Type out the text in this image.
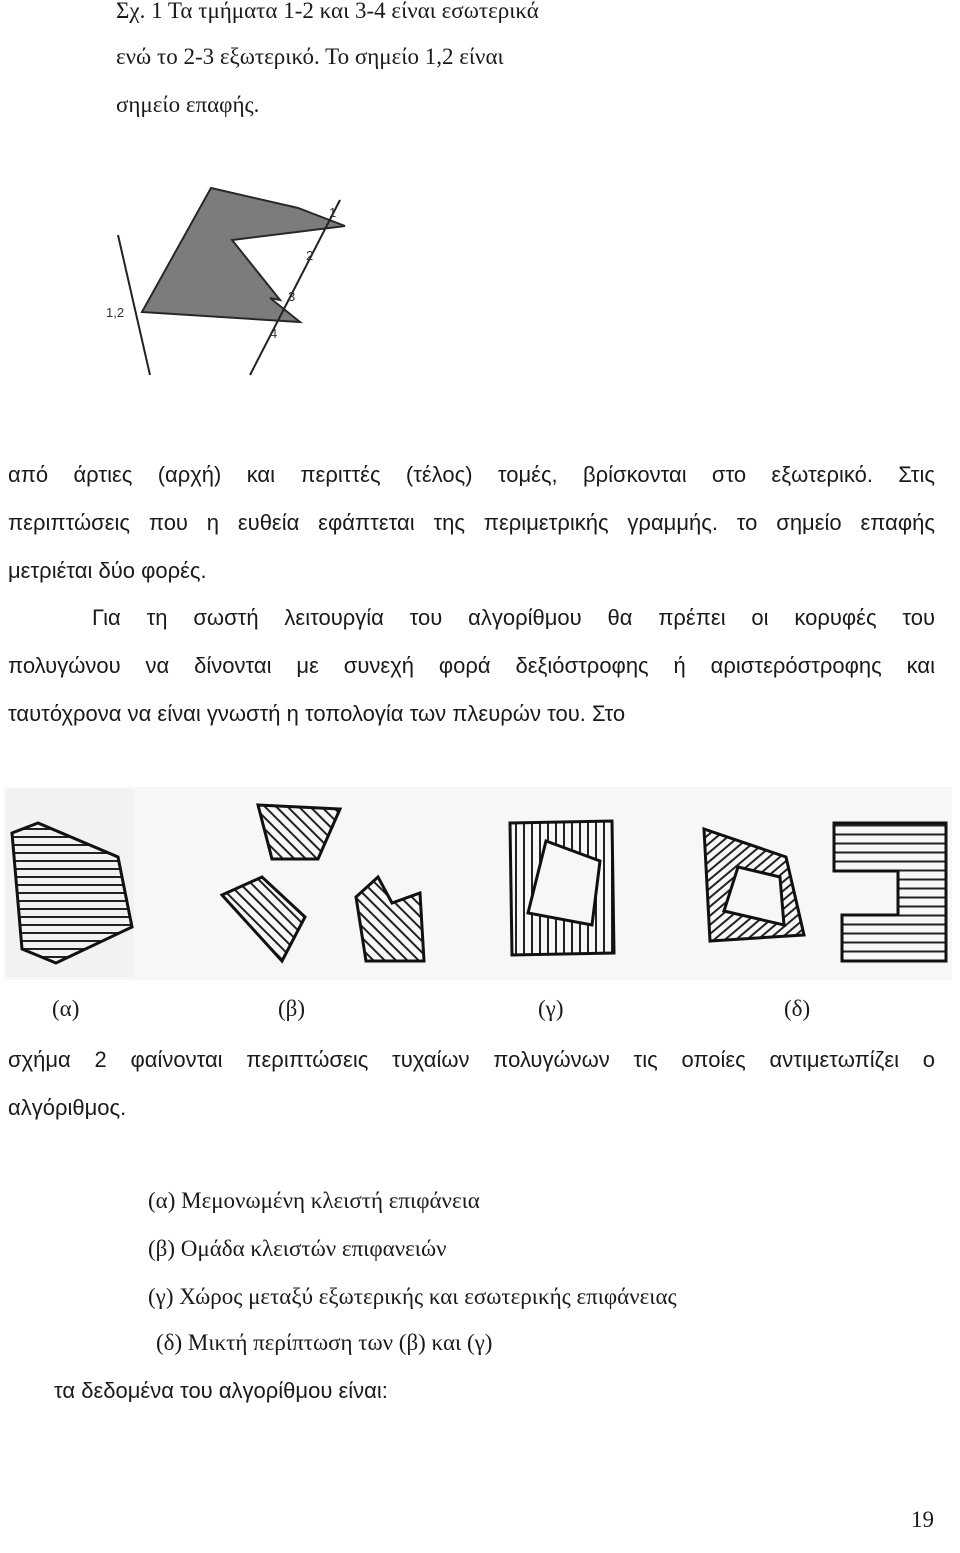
Σχ. 1 Τα τμήματα 1-2 και 3-4 είναι εσωτερικά
ενώ το 2-3 εξωτερικό. Το σημείο 1,2 είναι
σημείο επαφής.
1
2
3
4
1,2
από άρτιες (αρχή) και περιττές (τέλος) τομές, βρίσκονται στο εξωτερικό. Στις
περιπτώσεις που η ευθεία εφάπτεται της περιμετρικής γραμμής. το σημείο επαφής
μετριέται δύο φορές.
Για τη σωστή λειτουργία του αλγορίθμου θα πρέπει οι κορυφές του
πολυγώνου να δίνονται με συνεχή φορά δεξιόστροφης ή αριστερόστροφης και
ταυτόχρονα να είναι γνωστή η τοπολογία των πλευρών του. Στο
(α)	(β)	(γ)	(δ)
σχήμα 2 φαίνονται περιπτώσεις τυχαίων πολυγώνων τις οποίες αντιμετωπίζει ο
αλγόριθμος.
(α) Μεμονωμένη κλειστή επιφάνεια
(β) Ομάδα κλειστών επιφανειών
(γ) Χώρος μεταξύ εξωτερικής και εσωτερικής επιφάνειας
(δ) Μικτή περίπτωση των (β) και (γ)
τα δεδομένα του αλγορίθμου είναι:
19
